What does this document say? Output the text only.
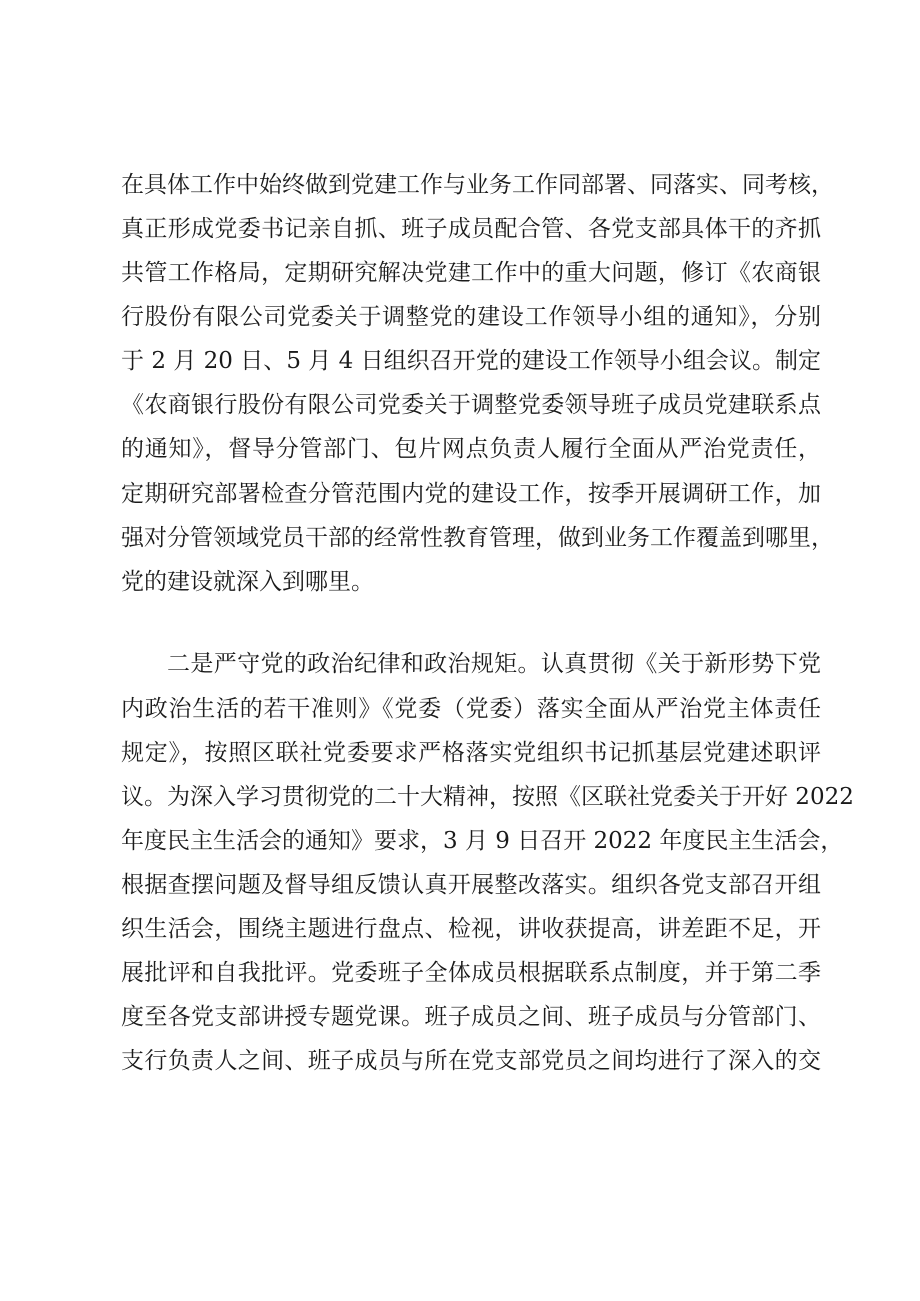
在具体工作中始终做到党建工作与业务工作同部署、同落实、同考核，
真正形成党委书记亲自抓、班子成员配合管、各党支部具体干的齐抓
共管工作格局，定期研究解决党建工作中的重大问题，修订《农商银
行股份有限公司党委关于调整党的建设工作领导小组的通知》，分别
于 2 月 20 日、5 月 4 日组织召开党的建设工作领导小组会议。制定
《农商银行股份有限公司党委关于调整党委领导班子成员党建联系点
的通知》，督导分管部门、包片网点负责人履行全面从严治党责任，
定期研究部署检查分管范围内党的建设工作，按季开展调研工作，加
强对分管领域党员干部的经常性教育管理，做到业务工作覆盖到哪里，
党的建设就深入到哪里。
二是严守党的政治纪律和政治规矩。认真贯彻《关于新形势下党
内政治生活的若干准则》《党委（党委）落实全面从严治党主体责任
规定》，按照区联社党委要求严格落实党组织书记抓基层党建述职评
议。为深入学习贯彻党的二十大精神，按照《区联社党委关于开好 2022
年度民主生活会的通知》要求，3 月 9 日召开 2022 年度民主生活会，
根据查摆问题及督导组反馈认真开展整改落实。组织各党支部召开组
织生活会，围绕主题进行盘点、检视，讲收获提高，讲差距不足，开
展批评和自我批评。党委班子全体成员根据联系点制度，并于第二季
度至各党支部讲授专题党课。班子成员之间、班子成员与分管部门、
支行负责人之间、班子成员与所在党支部党员之间均进行了深入的交
